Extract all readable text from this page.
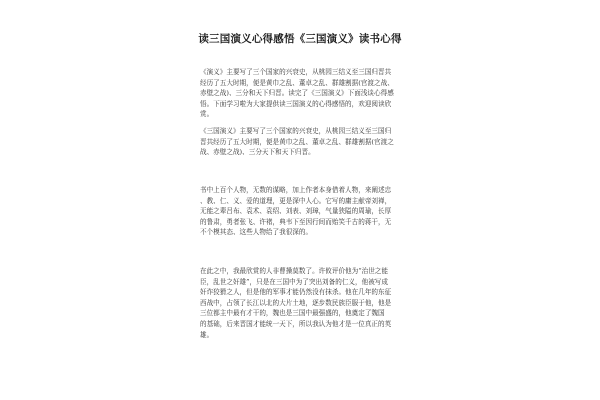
读三国演义心得感悟《三国演义》读书心得

《演义》主要写了三个国家的兴衰史，从桃园三结义至三国归晋共
经历了五大时期，便是黄巾之乱、董卓之乱、群雄割据(官渡之战、
赤壁之战)、三分和天下归晋。读完了《三国演义》下面浅谈心得感
悟。下面学习啦为大家提供读三国演义的心得感悟的，欢迎阅读欣
赏。

《三国演义》主要写了三个国家的兴衰史，从桃园三结义至三国归
晋共经历了五大时期，便是黄巾之乱、董卓之乱、群雄割据(官渡之
战、赤壁之战)、三分天下和天下归晋。

书中上百个人物，无数的谋略，加上作者本身借着人物，来阐述忠
、教、仁、义、爱的道理，更是深中人心。它写的庸主献帝刘禅，
无能之辈吕布、袁术、袁绍、刘表、刘璋，气量狭隘的周瑜，长厚
的鲁肃，勇者张飞、许褚，典韦下至因行间而贻笑千古的蒋干，无
不个模其态、这些人物给了我很深的。

在此之中，我最欣赏的人非曹操莫数了。许攸评价他为“治世之能
臣，乱世之奸雄”，只是在三国中为了突出刘备的仁义，他被写成
奸诈狡猾之人，但是他的军事才能仍然没有抹杀。他在几年的东征
西战中，占领了长江以北的大片土地，逐步数民族臣服于他，他是
三位都主中最有才干的，魏也是三国中最强盛的，他奠定了魏国
的基础，后来晋国才能统一天下，所以我认为他才是一位真正的英
雄。
